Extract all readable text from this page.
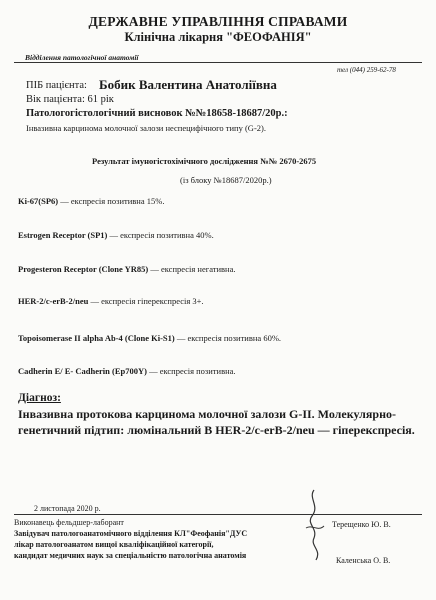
ДЕРЖАВНЕ УПРАВЛІННЯ СПРАВАМИ
Клінічна лікарня "ФЕОФАНІЯ"
Відділення патологічної анатомії
тел (044) 259-62-78
ПІБ пацієнта: Бобик Валентина Анатоліївна
Вік пацієнта: 61 рік
Патологогістологічний висновок №№18658-18687/20р.:
Інвазивна карцинома молочної залози неспецифічного типу (G-2).
Результат імуногістохімічного дослідження №№ 2670-2675
(із блоку №18687/2020р.)
Ki-67(SP6) — експресія позитивна 15%.
Estrogen Receptor (SP1) — експресія позитивна 40%.
Progesteron Receptor (Clone YR85) — експресія негативна.
HER-2/c-erB-2/neu — експресія гіперекспресія 3+.
Topoisomerase II alpha Ab-4 (Clone Ki-S1) — експресія позитивна 60%.
Cadherin E/ E- Cadherin (Ep700Y) — експресія позитивна.
Діагноз:
Інвазивна протокова карцинома молочної залози G-II. Молекулярно-генетичний підтип: люмінальний В HER-2/c-erB-2/neu — гіперекспресія.
2 листопада 2020 р.
Виконавець фельдшер-лаборант
Завідувач патологоанатомічного відділення КЛ"Феофанія"ДУС
лікар патологоанатом вищої кваліфікаційної категорії,
кандидат медичних наук за спеціальністю патологічна анатомія
Терещенко Ю. В.
Каленська О. В.
